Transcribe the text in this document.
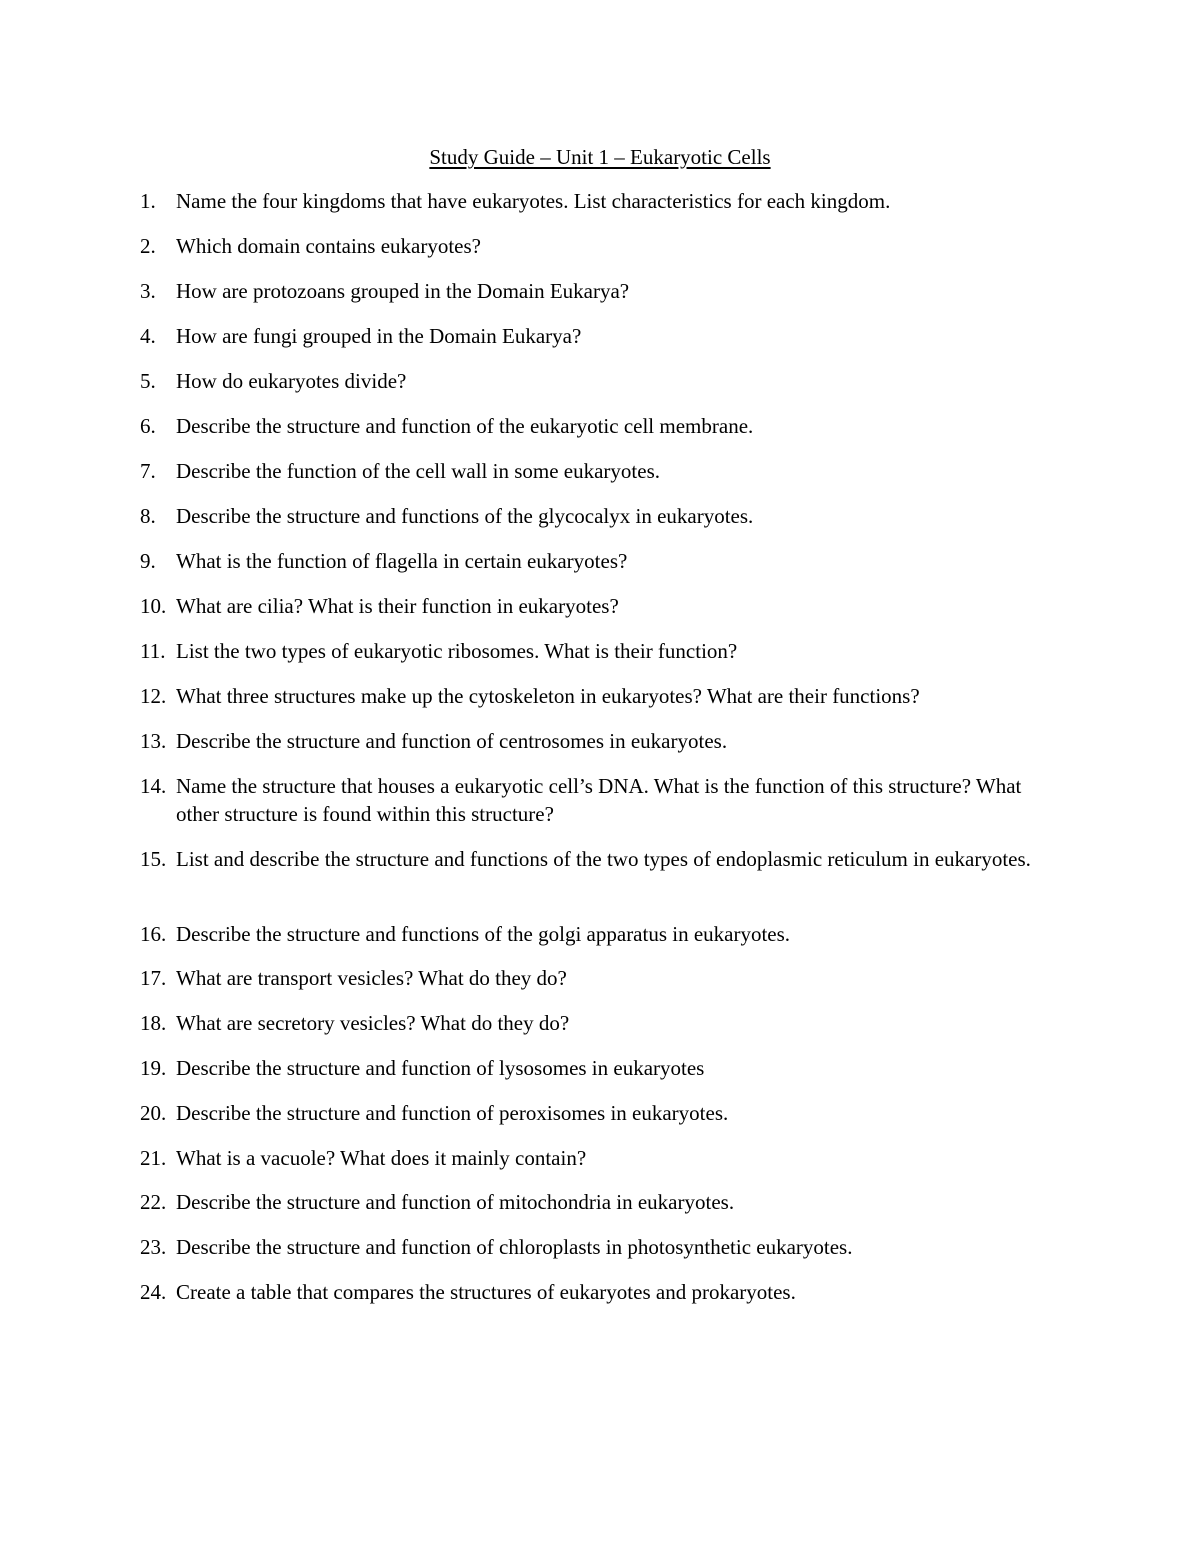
Study Guide – Unit 1 – Eukaryotic Cells
1. Name the four kingdoms that have eukaryotes. List characteristics for each kingdom.
2. Which domain contains eukaryotes?
3. How are protozoans grouped in the Domain Eukarya?
4. How are fungi grouped in the Domain Eukarya?
5. How do eukaryotes divide?
6. Describe the structure and function of the eukaryotic cell membrane.
7. Describe the function of the cell wall in some eukaryotes.
8. Describe the structure and functions of the glycocalyx in eukaryotes.
9. What is the function of flagella in certain eukaryotes?
10. What are cilia? What is their function in eukaryotes?
11. List the two types of eukaryotic ribosomes. What is their function?
12. What three structures make up the cytoskeleton in eukaryotes? What are their functions?
13. Describe the structure and function of centrosomes in eukaryotes.
14. Name the structure that houses a eukaryotic cell’s DNA. What is the function of this structure? What other structure is found within this structure?
15. List and describe the structure and functions of the two types of endoplasmic reticulum in eukaryotes.
16. Describe the structure and functions of the golgi apparatus in eukaryotes.
17. What are transport vesicles? What do they do?
18. What are secretory vesicles? What do they do?
19. Describe the structure and function of lysosomes in eukaryotes
20. Describe the structure and function of peroxisomes in eukaryotes.
21. What is a vacuole? What does it mainly contain?
22. Describe the structure and function of mitochondria in eukaryotes.
23. Describe the structure and function of chloroplasts in photosynthetic eukaryotes.
24. Create a table that compares the structures of eukaryotes and prokaryotes.
